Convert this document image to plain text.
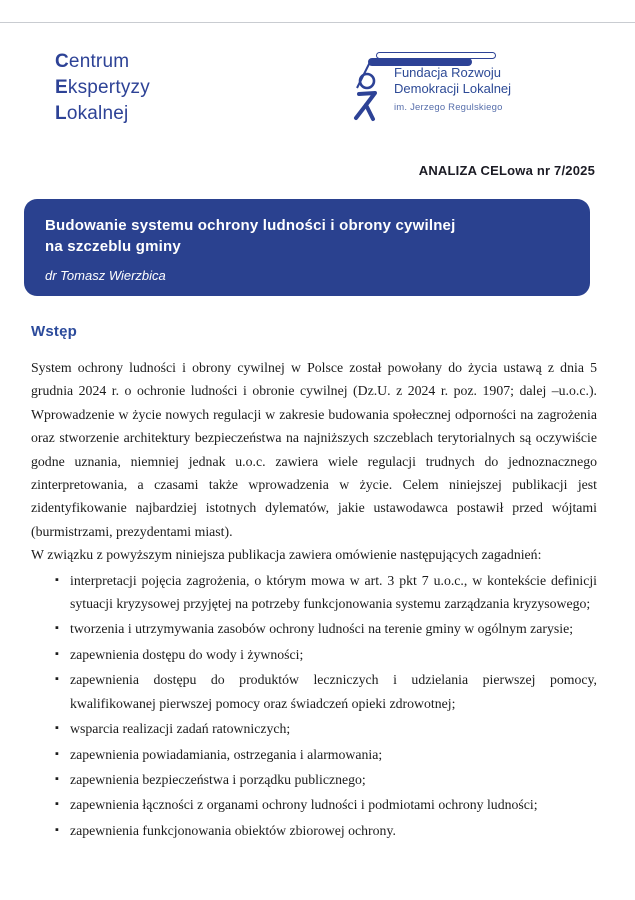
Centrum
Ekspertyzy
Lokalnej
Fundacja Rozwoju
Demokracji Lokalnej
im. Jerzego Regulskiego
ANALIZA CELowa nr 7/2025
Budowanie systemu ochrony ludności i obrony cywilnej
na szczeblu gminy
dr Tomasz Wierzbica
Wstęp

System ochrony ludności i obrony cywilnej w Polsce został powołany do życia ustawą z dnia 5 grudnia 2024 r. o ochronie ludności i obronie cywilnej (Dz.U. z 2024 r. poz. 1907; dalej –u.o.c.). Wprowadzenie w życie nowych regulacji w zakresie budowania społecznej odporności na zagrożenia oraz stworzenie architektury bezpieczeństwa na najniższych szczeblach terytorialnych są oczywiście godne uznania, niemniej jednak u.o.c. zawiera wiele regulacji trudnych do jednoznacznego zinterpretowania, a czasami także wprowadzenia w życie. Celem niniejszej publikacji jest zidentyfikowanie najbardziej istotnych dylematów, jakie ustawodawca postawił przed wójtami (burmistrzami, prezydentami miast).

W związku z powyższym niniejsza publikacja zawiera omówienie następujących zagadnień:

▪ interpretacji pojęcia zagrożenia, o którym mowa w art. 3 pkt 7 u.o.c., w kontekście definicji sytuacji kryzysowej przyjętej na potrzeby funkcjonowania systemu zarządzania kryzysowego;
▪ tworzenia i utrzymywania zasobów ochrony ludności na terenie gminy w ogólnym zarysie;
▪ zapewnienia dostępu do wody i żywności;
▪ zapewnienia dostępu do produktów leczniczych i udzielania pierwszej pomocy, kwalifikowanej pierwszej pomocy oraz świadczeń opieki zdrowotnej;
▪ wsparcia realizacji zadań ratowniczych;
▪ zapewnienia powiadamiania, ostrzegania i alarmowania;
▪ zapewnienia bezpieczeństwa i porządku publicznego;
▪ zapewnienia łączności z organami ochrony ludności i podmiotami ochrony ludności;
▪ zapewnienia funkcjonowania obiektów zbiorowej ochrony.
